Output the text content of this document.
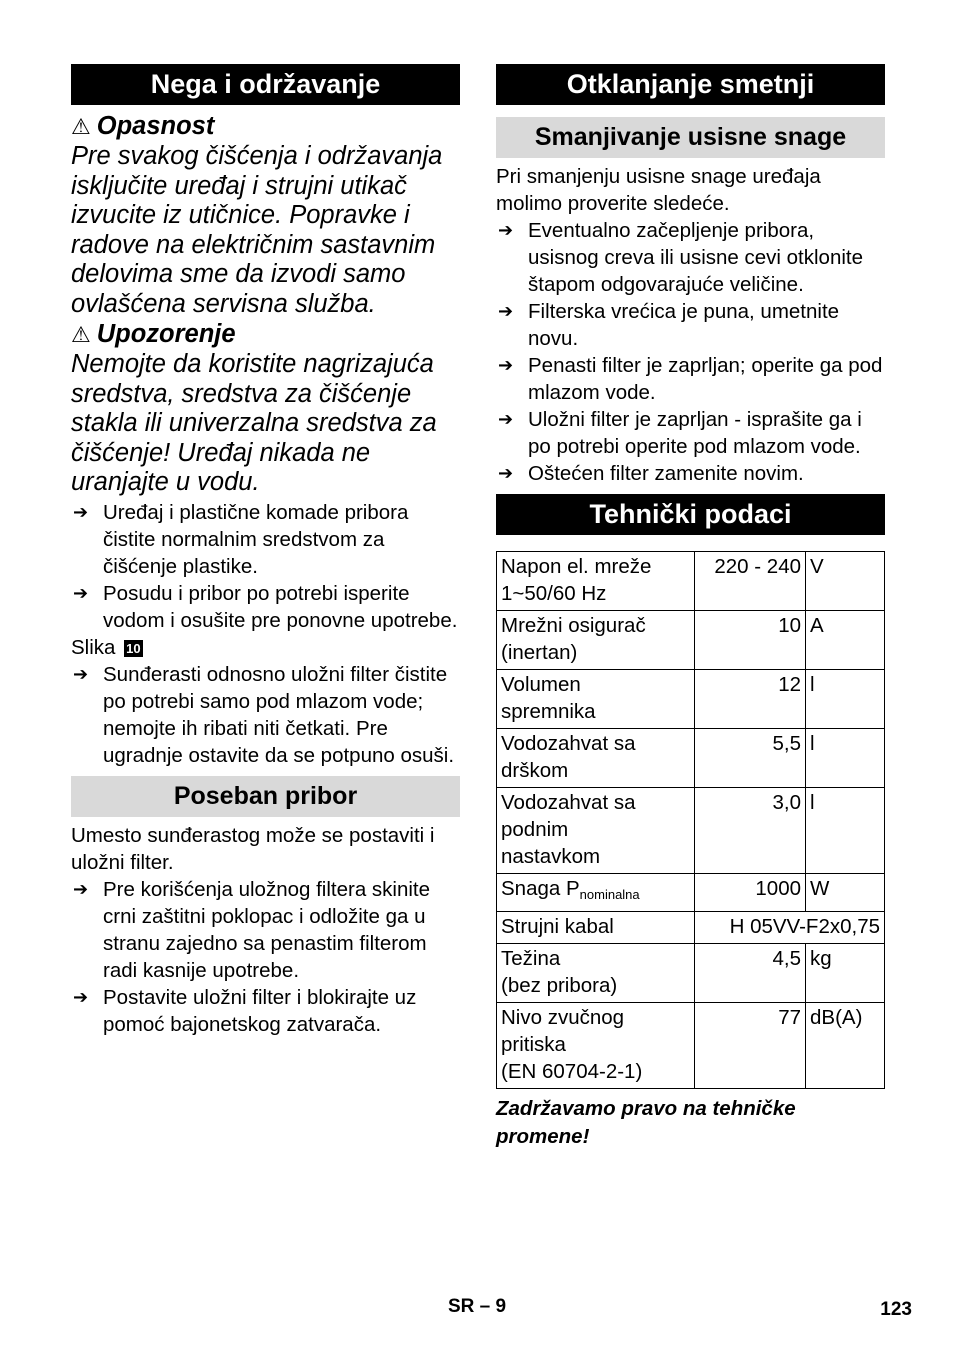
Nega i održavanje

⚠ Opasnost

Pre svakog čišćenja i održavanja isključite uređaj i strujni utikač izvucite iz utičnice. Popravke i radove na električnim sastavnim delovima sme da izvodi samo ovlašćena servisna služba.

⚠ Upozorenje

Nemojte da koristite nagrizajuća sredstva, sredstva za čišćenje stakla ili univerzalna sredstva za čišćenje! Uređaj nikada ne uranjajte u vodu.

➔ Uređaj i plastične komade pribora čistite normalnim sredstvom za čišćenje plastike.
➔ Posudu i pribor po potrebi isperite vodom i osušite pre ponovne upotrebe.

Slika 10

➔ Sunđerasti odnosno uložni filter čistite po potrebi samo pod mlazom vode; nemojte ih ribati niti četkati. Pre ugradnje ostavite da se potpuno osuši.
Poseban pribor

Umesto sunđerastog može se postaviti i uložni filter.

➔ Pre korišćenja uložnog filtera skinite crni zaštitni poklopac i odložite ga u stranu zajedno sa penastim filterom radi kasnije upotrebe.
➔ Postavite uložni filter i blokirajte uz pomoć bajonetskog zatvarača.
Otklanjanje smetnji
Smanjivanje usisne snage

Pri smanjenju usisne snage uređaja molimo proverite sledeće.

➔ Eventualno začepljenje pribora, usisnog creva ili usisne cevi otklonite štapom odgovarajuće veličine.
➔ Filterska vrećica je puna, umetnite novu.
➔ Penasti filter je zaprljan; operite ga pod mlazom vode.
➔ Uložni filter je zaprljan - isprašite ga i po potrebi operite pod mlazom vode.
➔ Oštećen filter zamenite novim.
Tehnički podaci
Napon el. mreže
1~50/60 Hz	220 - 240	V
Mrežni osigurač
(inertan)	10	A
Volumen
spremnika	12	l
Vodozahvat sa
drškom	5,5	l
Vodozahvat sa
podnim
nastavkom	3,0	l
Snaga $P_{nominalna}$	1000	W
Strujni kabal	H 05VV-F2x0,75	
Težina
(bez pribora)	4,5	kg
Nivo zvučnog
pritiska
(EN 60704-2-1)	77	dB(A)

Zadržavamo pravo na tehničke promene!

SR – 9	123
